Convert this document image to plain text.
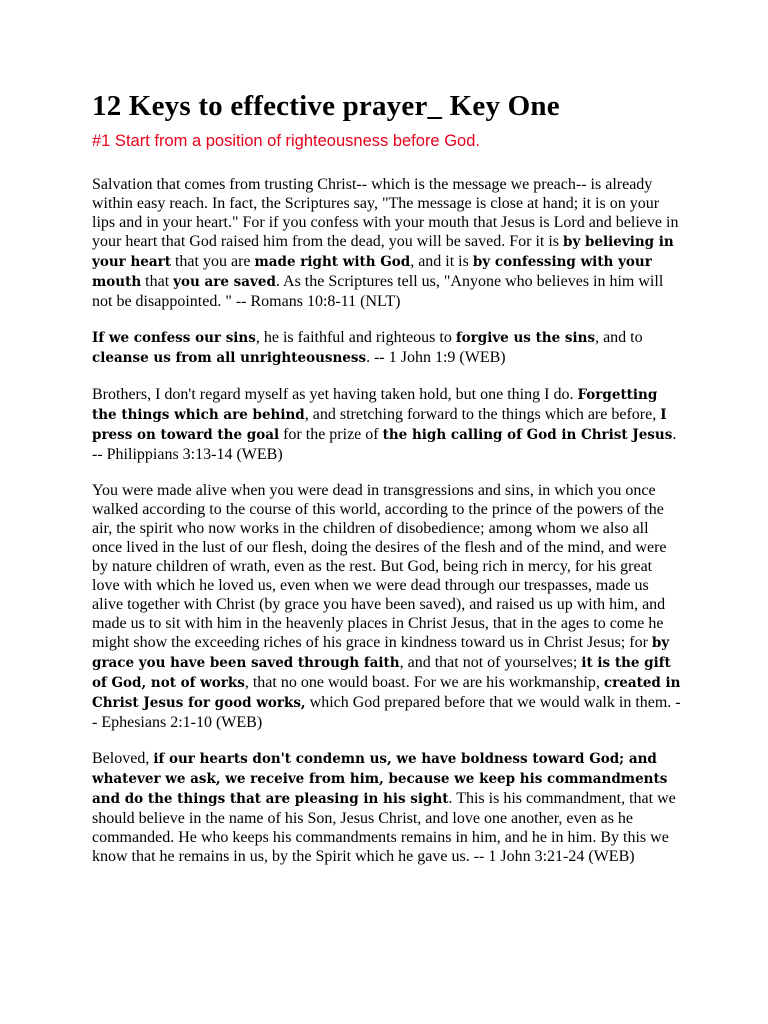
12 Keys to effective prayer_ Key One
#1 Start from a position of righteousness before God.

Salvation that comes from trusting Christ-- which is the message we preach-- is already within easy reach. In fact, the Scriptures say, "The message is close at hand; it is on your lips and in your heart." For if you confess with your mouth that Jesus is Lord and believe in your heart that God raised him from the dead, you will be saved. For it is by believing in your heart that you are made right with God, and it is by confessing with your mouth that you are saved. As the Scriptures tell us, "Anyone who believes in him will not be disappointed. " -- Romans 10:8-11 (NLT)

If we confess our sins, he is faithful and righteous to forgive us the sins, and to cleanse us from all unrighteousness. -- 1 John 1:9 (WEB)

Brothers, I don't regard myself as yet having taken hold, but one thing I do. Forgetting the things which are behind, and stretching forward to the things which are before, I press on toward the goal for the prize of the high calling of God in Christ Jesus. -- Philippians 3:13-14 (WEB)

You were made alive when you were dead in transgressions and sins, in which you once walked according to the course of this world, according to the prince of the powers of the air, the spirit who now works in the children of disobedience; among whom we also all once lived in the lust of our flesh, doing the desires of the flesh and of the mind, and were by nature children of wrath, even as the rest. But God, being rich in mercy, for his great love with which he loved us, even when we were dead through our trespasses, made us alive together with Christ (by grace you have been saved), and raised us up with him, and made us to sit with him in the heavenly places in Christ Jesus, that in the ages to come he might show the exceeding riches of his grace in kindness toward us in Christ Jesus; for by grace you have been saved through faith, and that not of yourselves; it is the gift of God, not of works, that no one would boast. For we are his workmanship, created in Christ Jesus for good works, which God prepared before that we would walk in them. -- Ephesians 2:1-10 (WEB)

Beloved, if our hearts don't condemn us, we have boldness toward God; and whatever we ask, we receive from him, because we keep his commandments and do the things that are pleasing in his sight. This is his commandment, that we should believe in the name of his Son, Jesus Christ, and love one another, even as he commanded. He who keeps his commandments remains in him, and he in him. By this we know that he remains in us, by the Spirit which he gave us. -- 1 John 3:21-24 (WEB)
